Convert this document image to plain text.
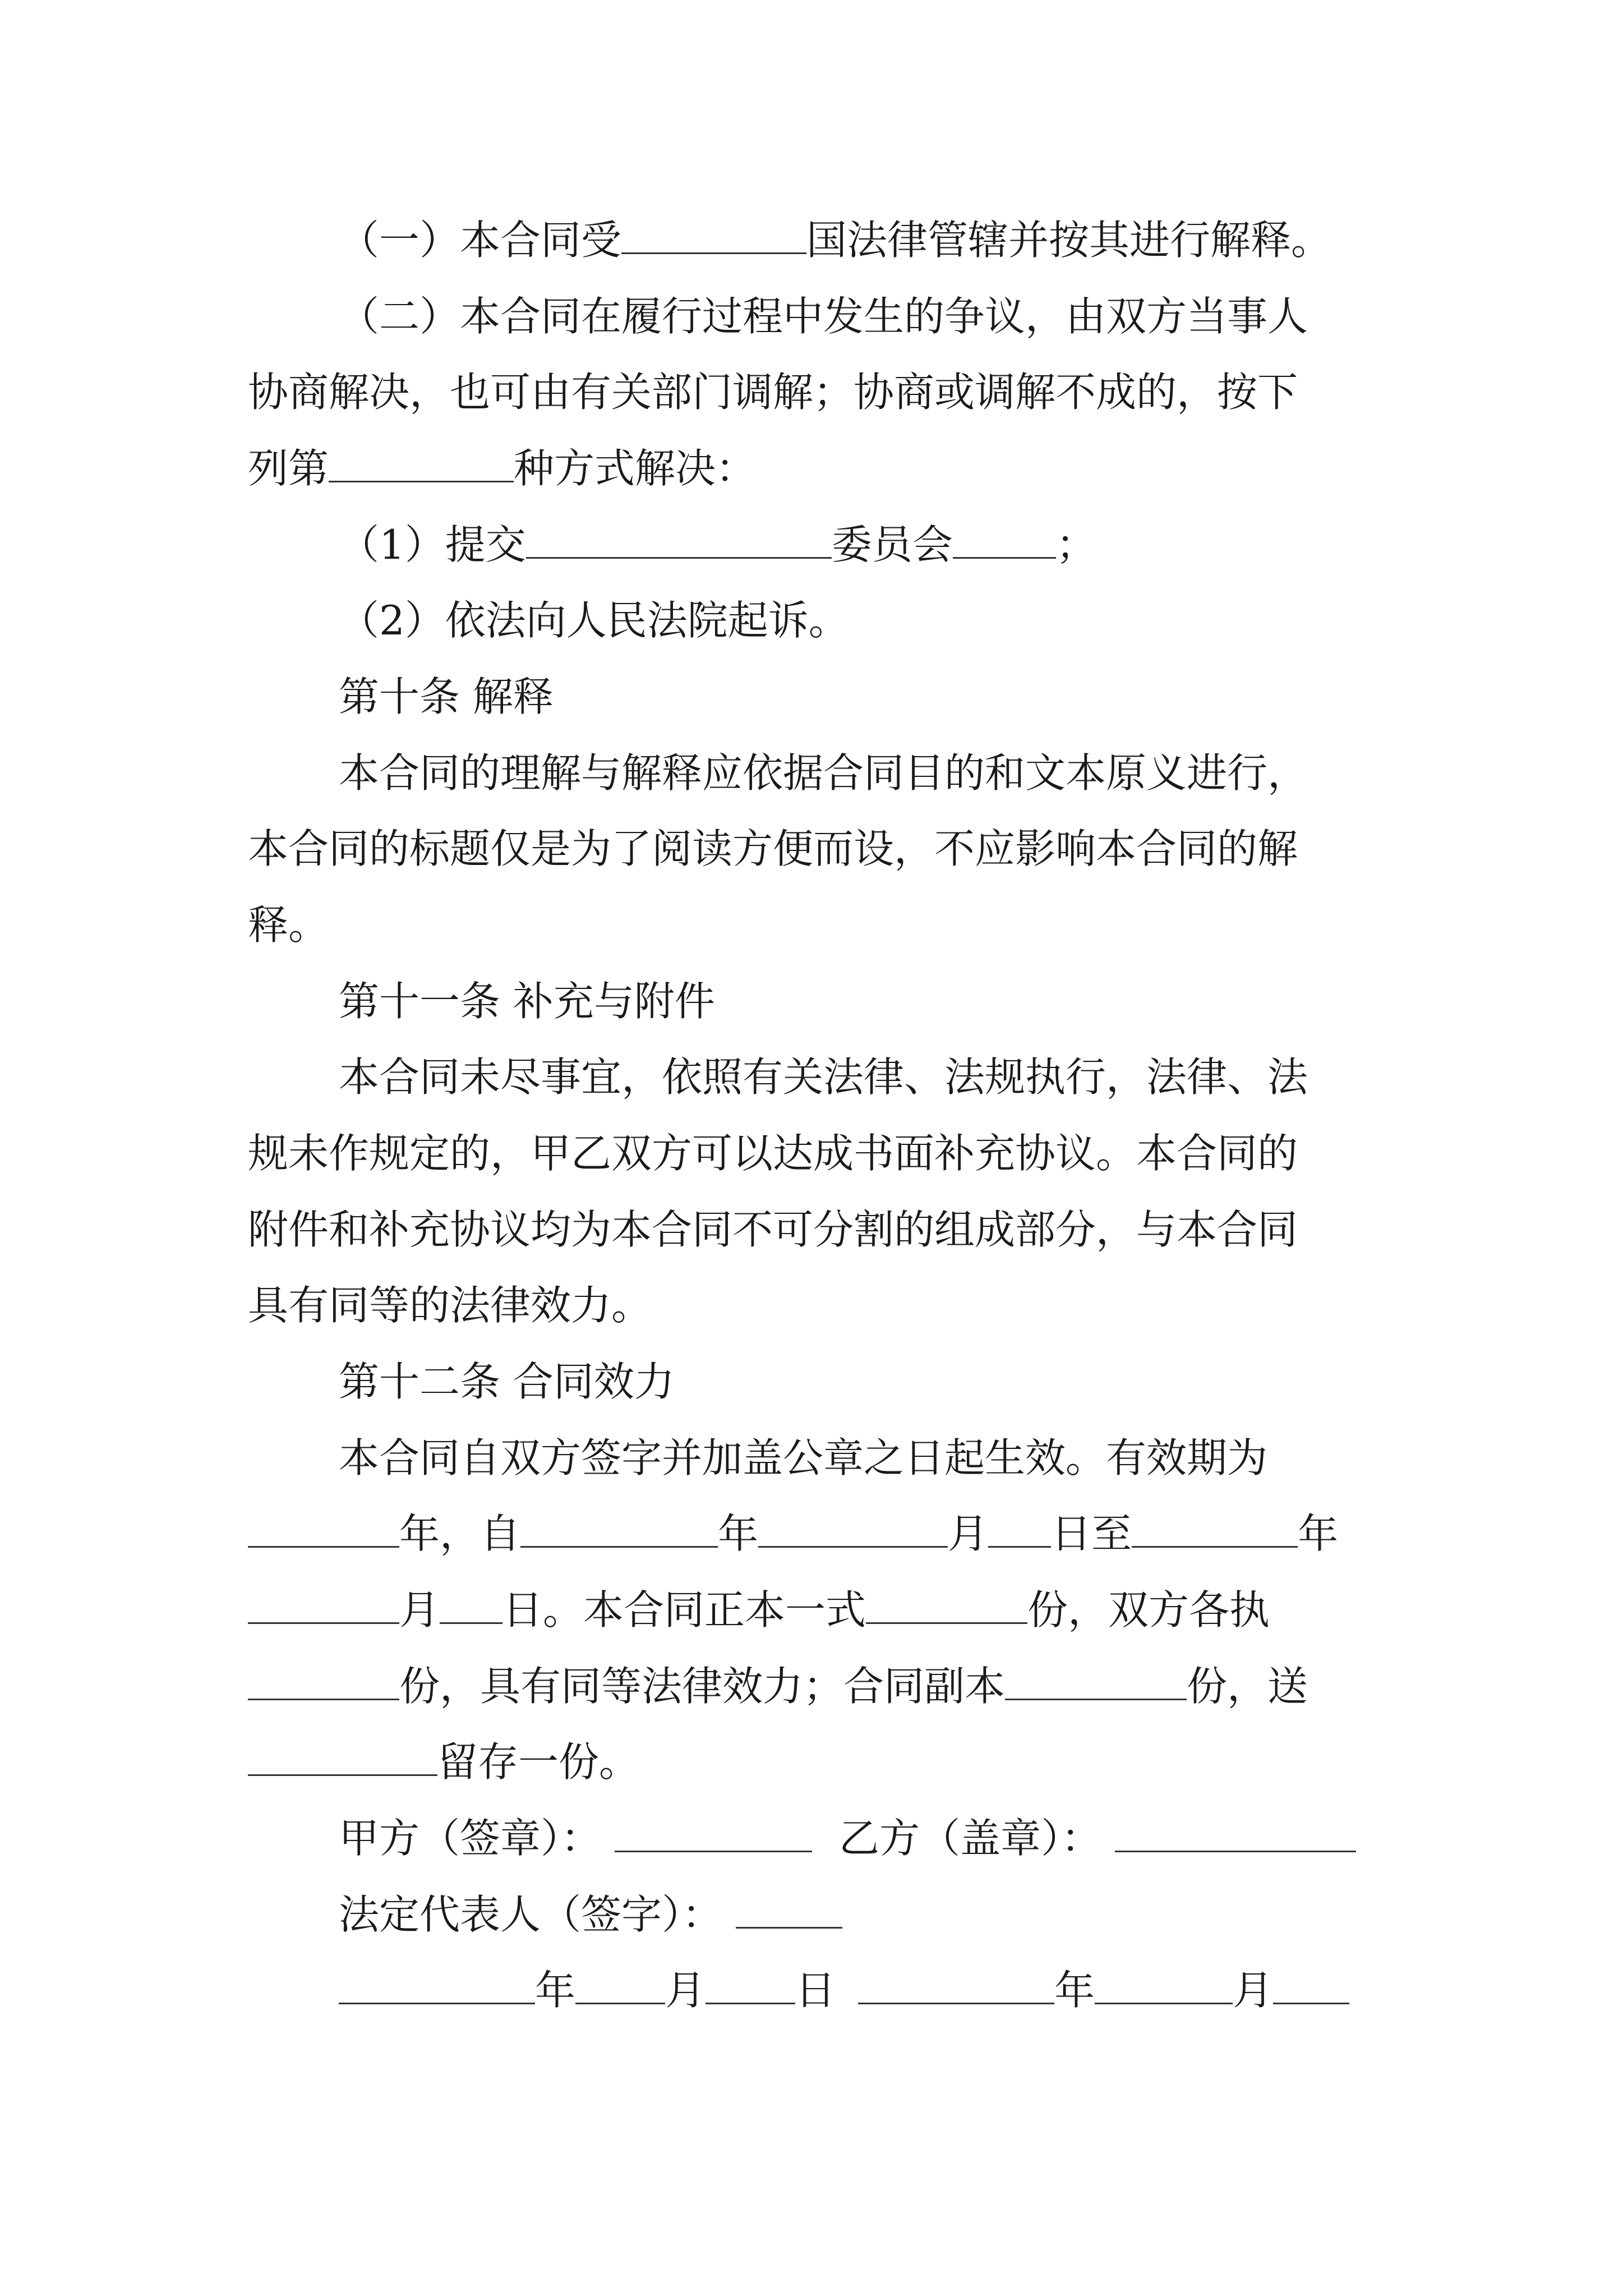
（一）本合同受	国法律管辖并按其进行解释。
（二）本合同在履行过程中发生的争议，由双方当事人
协商解决，也可由有关部门调解；协商或调解不成的，按下
列第	种方式解决：
（1）提交	委员会	；
（2）依法向人民法院起诉。
第十条 解释
本合同的理解与解释应依据合同目的和文本原义进行，
本合同的标题仅是为了阅读方便而设，不应影响本合同的解
释。
第十一条 补充与附件
本合同未尽事宜，依照有关法律、法规执行，法律、法
规未作规定的，甲乙双方可以达成书面补充协议。本合同的
附件和补充协议均为本合同不可分割的组成部分，与本合同
具有同等的法律效力。
第十二条 合同效力
本合同自双方签字并加盖公章之日起生效。有效期为
年，自	年	月 日至	年
月 日。本合同正本一式	份，双方各执
份，具有同等法律效力；合同副本	份，送
留存一份。
甲方（签章）：	乙方（盖章）：
法定代表人（签字）：
年 月 日	年	月
